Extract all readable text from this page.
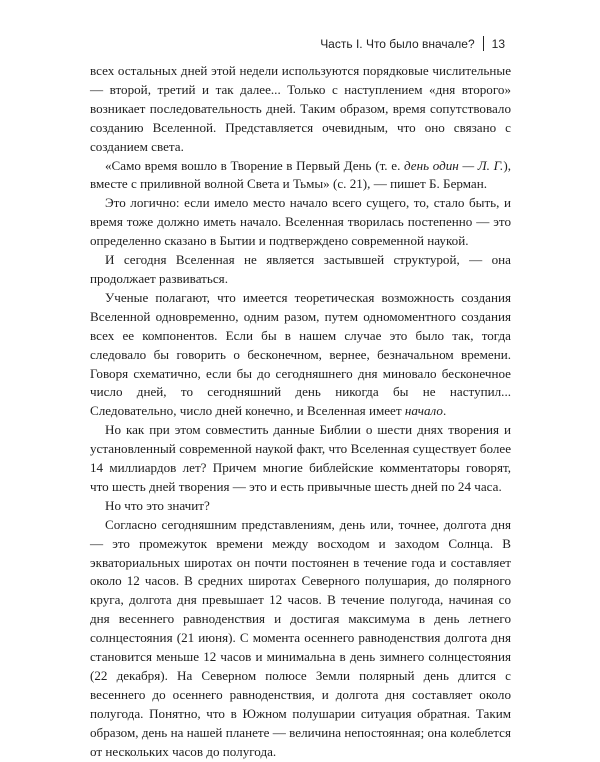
Часть I. Что было вначале? 13

всех остальных дней этой недели используются порядковые числительные — второй, третий и так далее... Только с наступлением «дня второго» возникает последовательность дней. Таким образом, время сопутствовало созданию Вселенной. Представляется очевидным, что оно связано с созданием света.

«Само время вошло в Творение в Первый День (т. е. день один — Л. Г.), вместе с приливной волной Света и Тьмы» (с. 21), — пишет Б. Берман.

Это логично: если имело место начало всего сущего, то, стало быть, и время тоже должно иметь начало. Вселенная творилась постепенно — это определенно сказано в Бытии и подтверждено современной наукой.

И сегодня Вселенная не является застывшей структурой, — она продолжает развиваться.

Ученые полагают, что имеется теоретическая возможность создания Вселенной одновременно, одним разом, путем одномоментного создания всех ее компонентов. Если бы в нашем случае это было так, тогда следовало бы говорить о бесконечном, вернее, безначальном времени. Говоря схематично, если бы до сегодняшнего дня миновало бесконечное число дней, то сегодняшний день никогда бы не наступил... Следовательно, число дней конечно, и Вселенная имеет начало.

Но как при этом совместить данные Библии о шести днях творения и установленный современной наукой факт, что Вселенная существует более 14 миллиардов лет? Причем многие библейские комментаторы говорят, что шесть дней творения — это и есть привычные шесть дней по 24 часа.

Но что это значит?

Согласно сегодняшним представлениям, день или, точнее, долгота дня — это промежуток времени между восходом и заходом Солнца. В экваториальных широтах он почти постоянен в течение года и составляет около 12 часов. В средних широтах Северного полушария, до полярного круга, долгота дня превышает 12 часов. В течение полугода, начиная со дня весеннего равноденствия и достигая максимума в день летнего солнцестояния (21 июня). С момента осеннего равноденствия долгота дня становится меньше 12 часов и минимальна в день зимнего солнцестояния (22 декабря). На Северном полюсе Земли полярный день длится с весеннего до осеннего равноденствия, и долгота дня составляет около полугода. Понятно, что в Южном полушарии ситуация обратная. Таким образом, день на нашей планете — величина непостоянная; она колеблется от нескольких часов до полугода.
